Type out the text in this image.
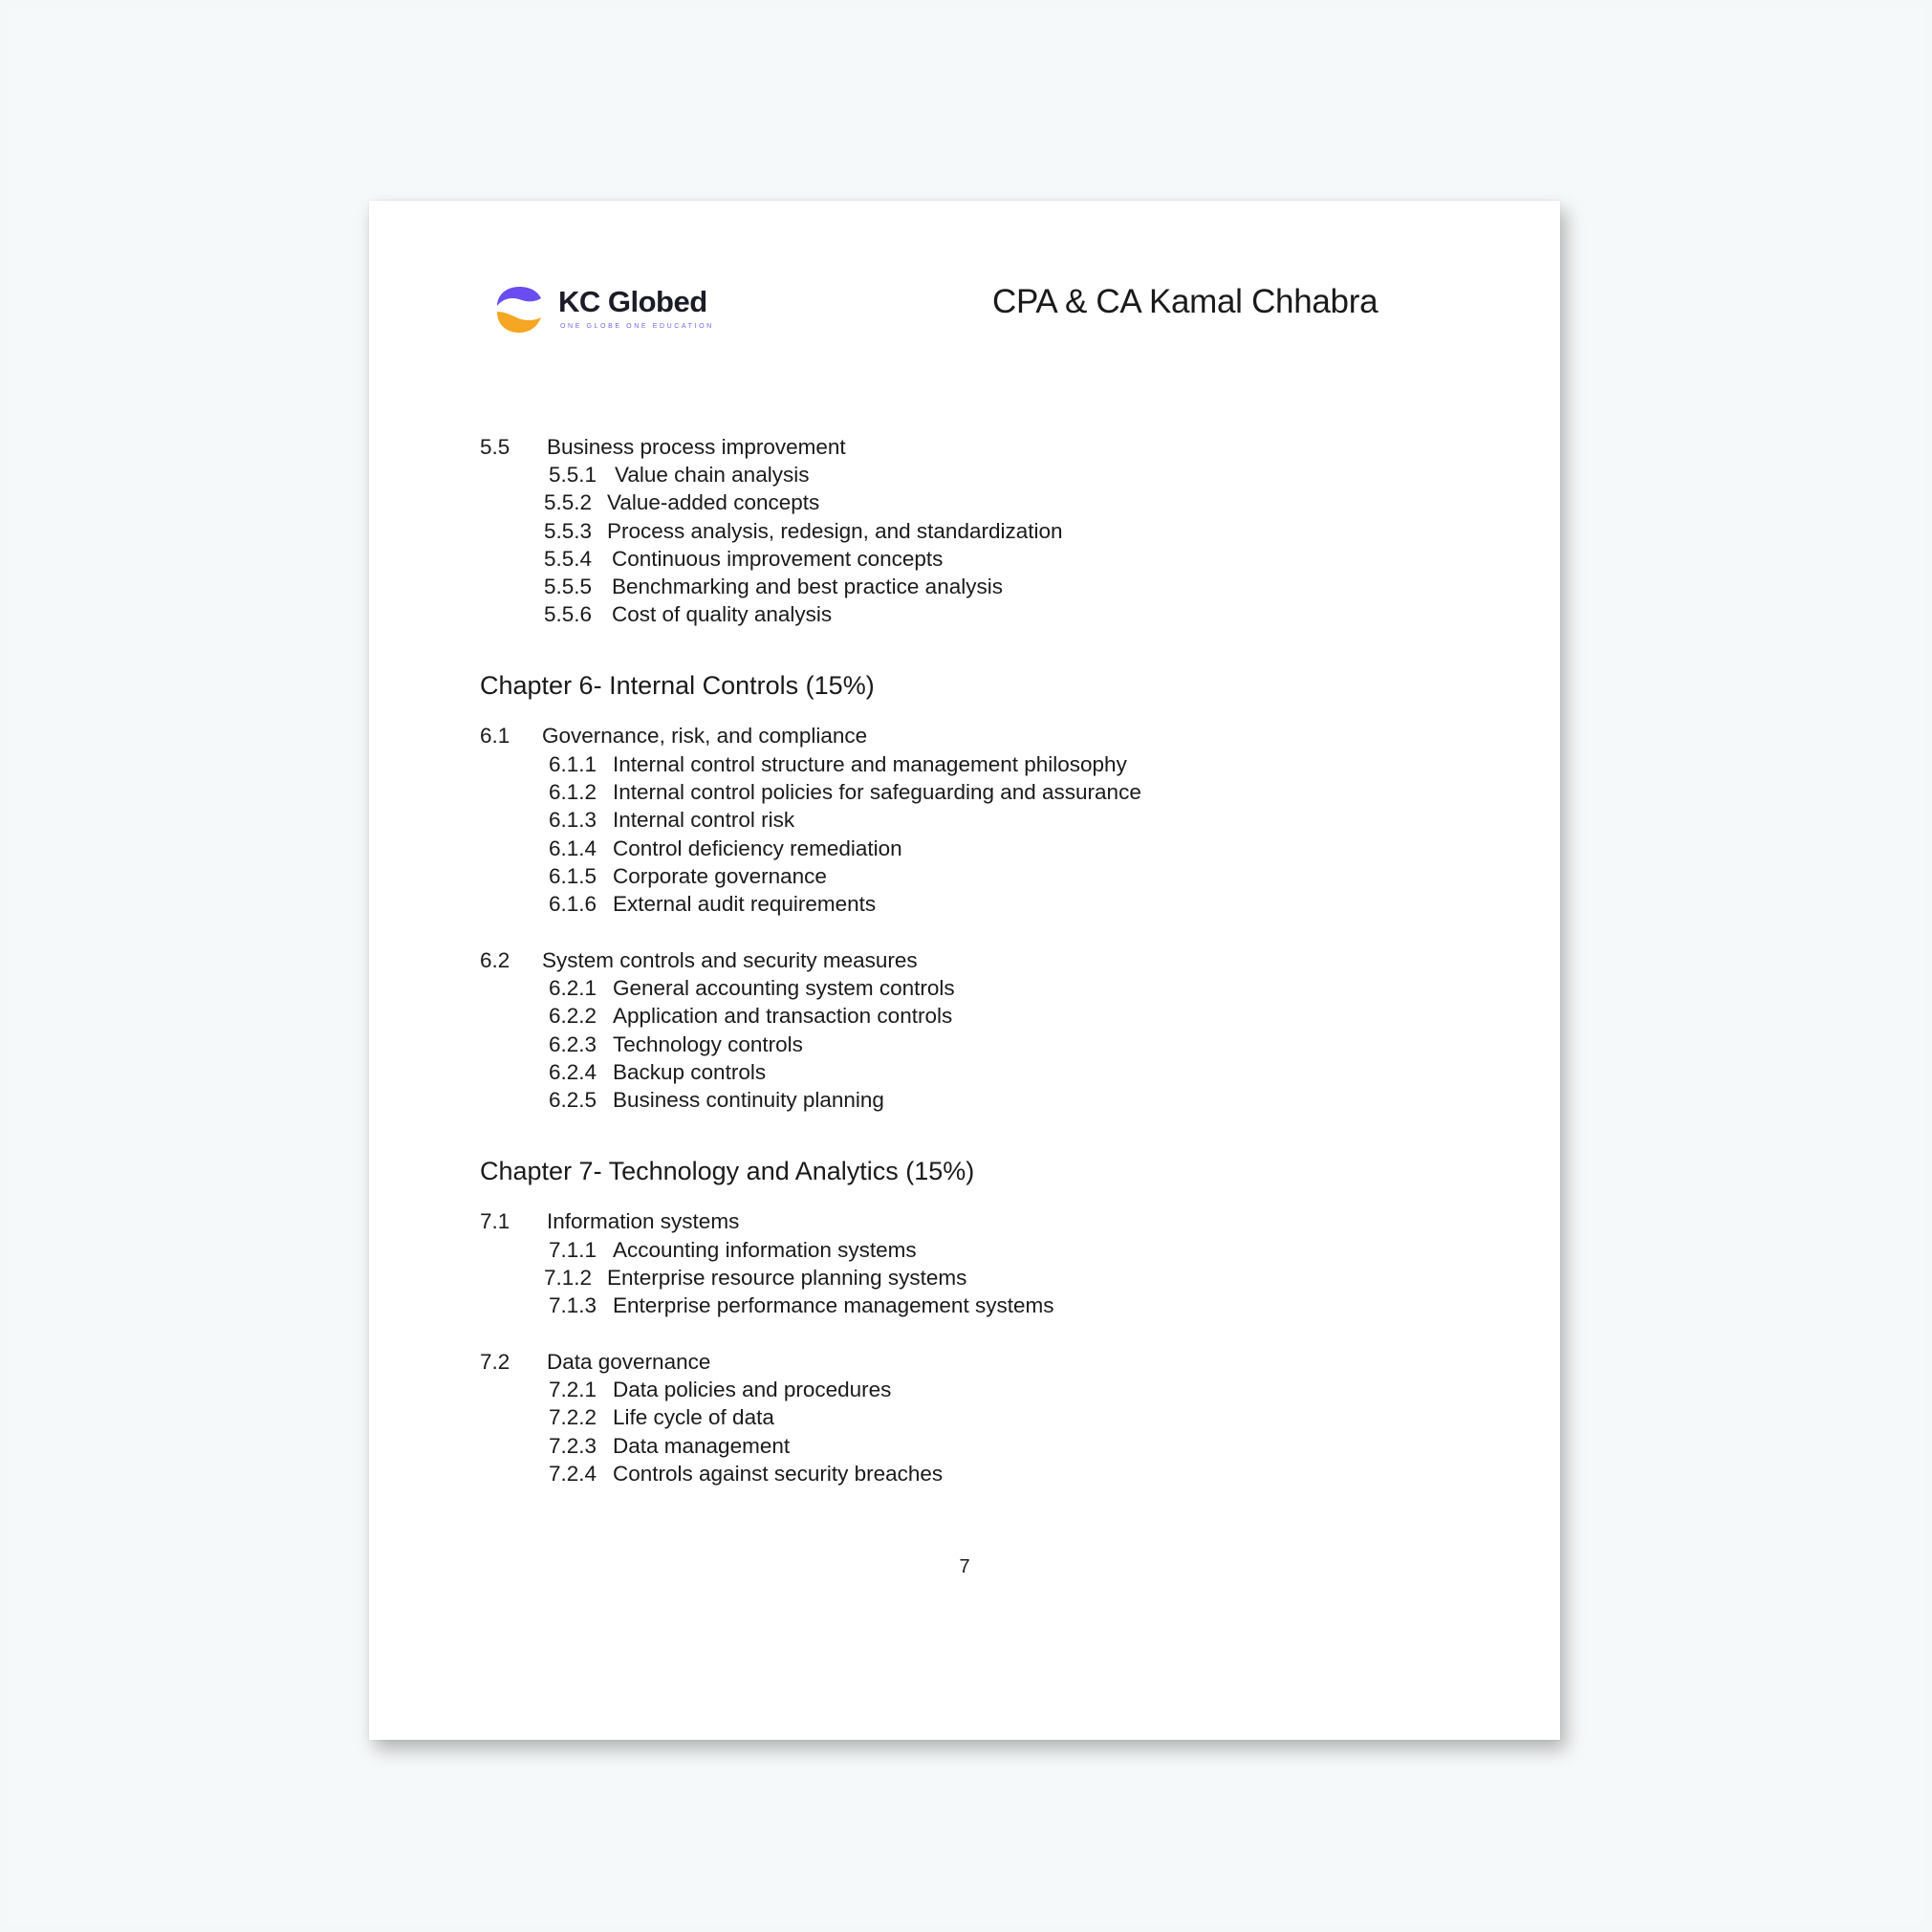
KC Globed
ONE GLOBE ONE EDUCATION
CPA & CA Kamal Chhabra
5.5 Business process improvement
5.5.1 Value chain analysis
5.5.2 Value-added concepts
5.5.3 Process analysis, redesign, and standardization
5.5.4 Continuous improvement concepts
5.5.5 Benchmarking and best practice analysis
5.5.6 Cost of quality analysis
Chapter 6- Internal Controls (15%)
6.1 Governance, risk, and compliance
6.1.1 Internal control structure and management philosophy
6.1.2 Internal control policies for safeguarding and assurance
6.1.3 Internal control risk
6.1.4 Control deficiency remediation
6.1.5 Corporate governance
6.1.6 External audit requirements
6.2 System controls and security measures
6.2.1 General accounting system controls
6.2.2 Application and transaction controls
6.2.3 Technology controls
6.2.4 Backup controls
6.2.5 Business continuity planning
Chapter 7- Technology and Analytics (15%)
7.1 Information systems
7.1.1 Accounting information systems
7.1.2 Enterprise resource planning systems
7.1.3 Enterprise performance management systems
7.2 Data governance
7.2.1 Data policies and procedures
7.2.2 Life cycle of data
7.2.3 Data management
7.2.4 Controls against security breaches
7
